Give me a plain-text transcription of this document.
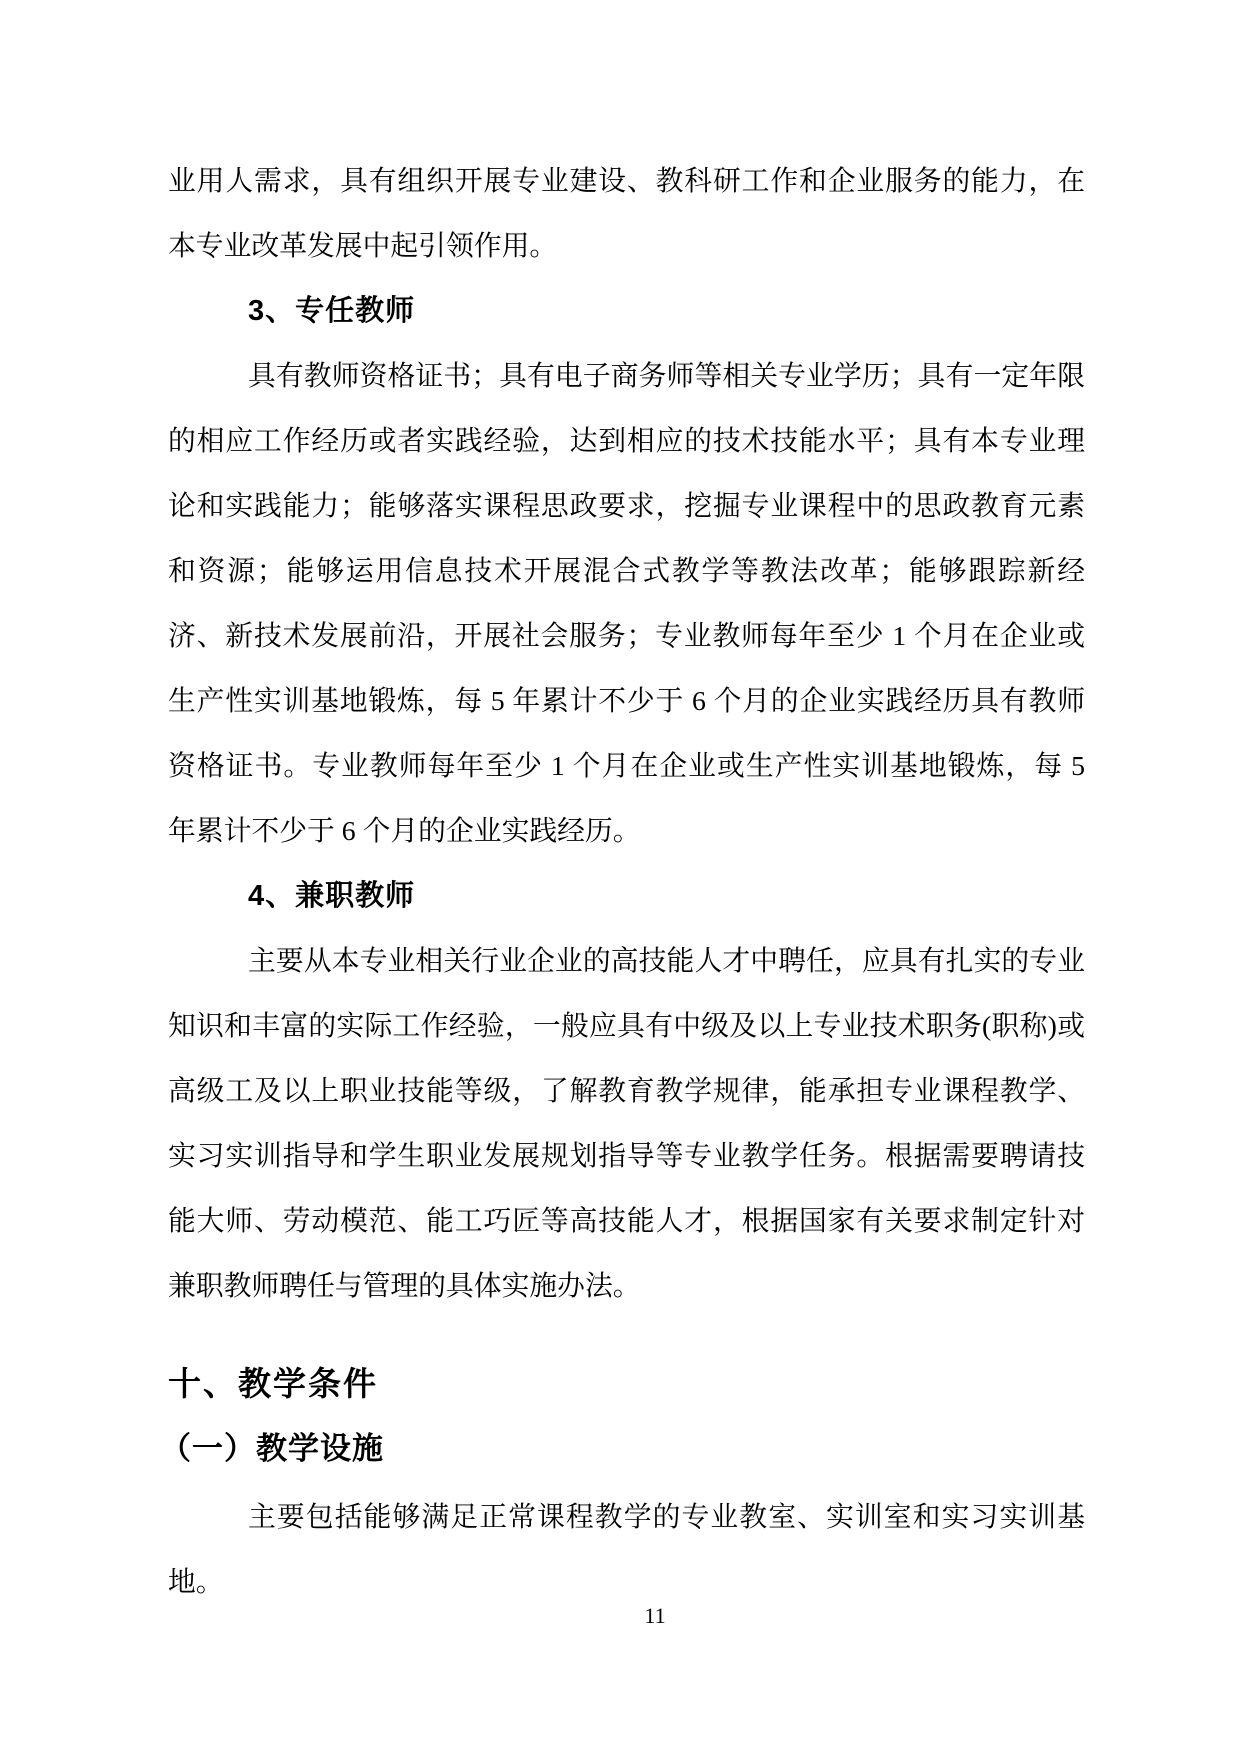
业用人需求，具有组织开展专业建设、教科研工作和企业服务的能力，在本专业改革发展中起引领作用。

3、专任教师

具有教师资格证书；具有电子商务师等相关专业学历；具有一定年限的相应工作经历或者实践经验，达到相应的技术技能水平；具有本专业理论和实践能力；能够落实课程思政要求，挖掘专业课程中的思政教育元素和资源；能够运用信息技术开展混合式教学等教法改革；能够跟踪新经济、新技术发展前沿，开展社会服务；专业教师每年至少 1 个月在企业或生产性实训基地锻炼，每 5 年累计不少于 6 个月的企业实践经历具有教师资格证书。专业教师每年至少 1 个月在企业或生产性实训基地锻炼，每 5 年累计不少于 6 个月的企业实践经历。

4、兼职教师

主要从本专业相关行业企业的高技能人才中聘任，应具有扎实的专业知识和丰富的实际工作经验，一般应具有中级及以上专业技术职务(职称)或高级工及以上职业技能等级，了解教育教学规律，能承担专业课程教学、实习实训指导和学生职业发展规划指导等专业教学任务。根据需要聘请技能大师、劳动模范、能工巧匠等高技能人才，根据国家有关要求制定针对兼职教师聘任与管理的具体实施办法。

十、教学条件
（一）教学设施

主要包括能够满足正常课程教学的专业教室、实训室和实习实训基地。

11
